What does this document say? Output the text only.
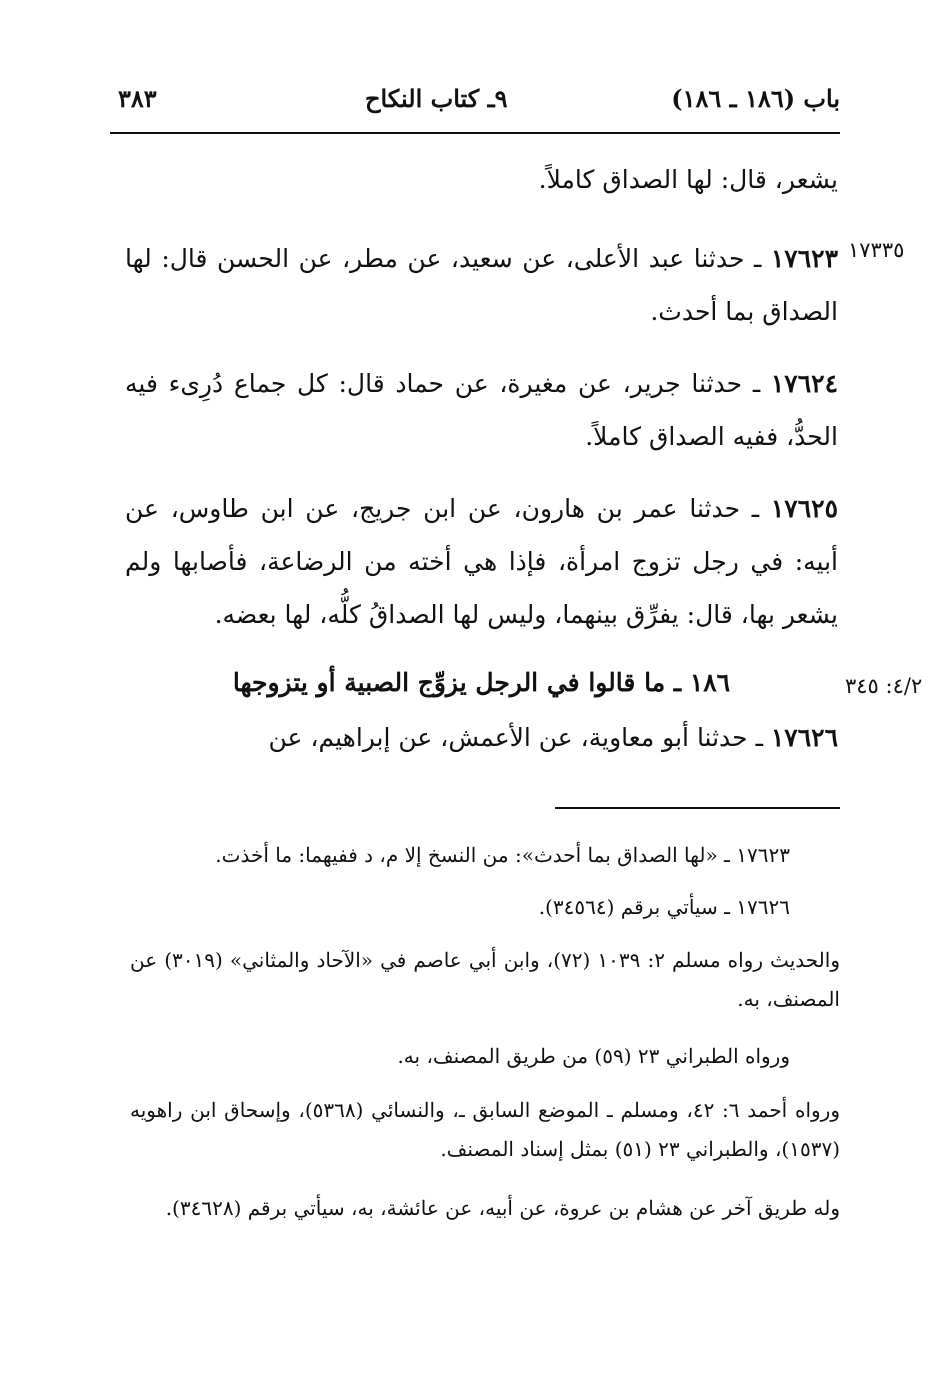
باب (١٨٦ ـ ١٨٦)
٩ـ كتاب النكاح
٣٨٣
١٧٣٣٥
٤/٢: ٣٤٥
يشعر، قال: لها الصداق كاملاً.
١٧٦٢٣ ـ حدثنا عبد الأعلى، عن سعيد، عن مطر، عن الحسن قال: لها الصداق بما أحدث.
١٧٦٢٤ ـ حدثنا جرير، عن مغيرة، عن حماد قال: كل جماع دُرِىء فيه الحدُّ، ففيه الصداق كاملاً.
١٧٦٢٥ ـ حدثنا عمر بن هارون، عن ابن جريج، عن ابن طاوس، عن أبيه: في رجل تزوج امرأة، فإذا هي أخته من الرضاعة، فأصابها ولم يشعر بها، قال: يفرِّق بينهما، وليس لها الصداقُ كلُّه، لها بعضه.
١٨٦ ـ ما قالوا في الرجل يزوِّج الصبية أو يتزوجها
١٧٦٢٦ ـ حدثنا أبو معاوية، عن الأعمش، عن إبراهيم، عن
١٧٦٢٣ ـ «لها الصداق بما أحدث»: من النسخ إلا م، د ففيهما: ما أخذت.
١٧٦٢٦ ـ سيأتي برقم (٣٤٥٦٤).
والحديث رواه مسلم ٢: ١٠٣٩ (٧٢)، وابن أبي عاصم في «الآحاد والمثاني» (٣٠١٩) عن المصنف، به.
ورواه الطبراني ٢٣ (٥٩) من طريق المصنف، به.
ورواه أحمد ٦: ٤٢، ومسلم ـ الموضع السابق ـ، والنسائي (٥٣٦٨)، وإسحاق ابن راهويه (١٥٣٧)، والطبراني ٢٣ (٥١) بمثل إسناد المصنف.
وله طريق آخر عن هشام بن عروة، عن أبيه، عن عائشة، به، سيأتي برقم (٣٤٦٢٨).
